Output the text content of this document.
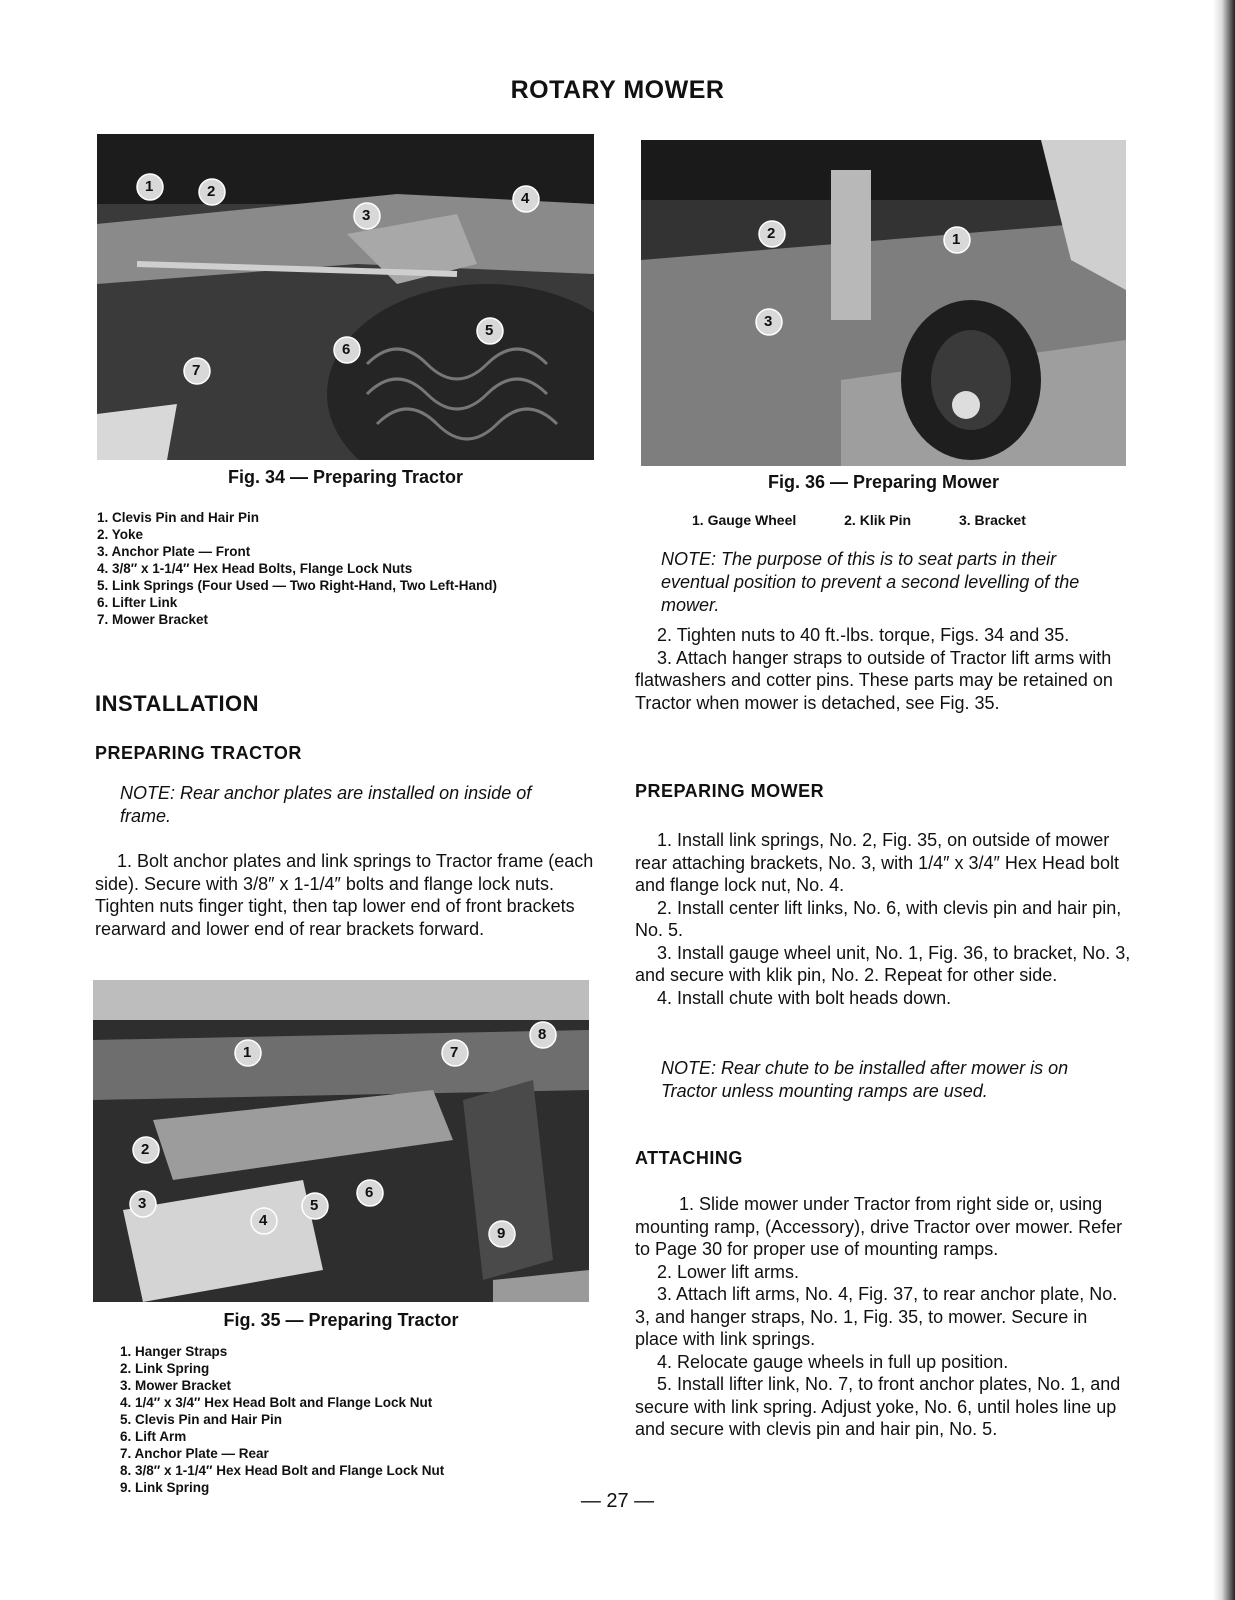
ROTARY MOWER
1	2
3
4
5
6
7
Fig. 34 — Preparing Tractor
1. Clevis Pin and Hair Pin
2. Yoke
3. Anchor Plate — Front
4. 3/8″ x 1-1/4″ Hex Head Bolts, Flange Lock Nuts
5. Link Springs (Four Used — Two Right-Hand, Two Left-Hand)
6. Lifter Link
7. Mower Bracket
INSTALLATION
PREPARING TRACTOR

NOTE: Rear anchor plates are installed on inside of frame.

1. Bolt anchor plates and link springs to Tractor frame (each side). Secure with 3/8″ x 1-1/4″ bolts and flange lock nuts. Tighten nuts finger tight, then tap lower end of front brackets rearward and lower end of rear brackets forward.

1
2
3
4
5
6
7
8
9
Fig. 35 — Preparing Tractor
1. Hanger Straps
2. Link Spring
3. Mower Bracket
4. 1/4″ x 3/4″ Hex Head Bolt and Flange Lock Nut
5. Clevis Pin and Hair Pin
6. Lift Arm
7. Anchor Plate — Rear
8. 3/8″ x 1-1/4″ Hex Head Bolt and Flange Lock Nut
9. Link Spring
1
2
3
Fig. 36 — Preparing Mower
1. Gauge Wheel	2. Klik Pin	3. Bracket

NOTE: The purpose of this is to seat parts in their eventual position to prevent a second levelling of the mower.

2. Tighten nuts to 40 ft.-lbs. torque, Figs. 34 and 35.

3. Attach hanger straps to outside of Tractor lift arms with flatwashers and cotter pins. These parts may be retained on Tractor when mower is detached, see Fig. 35.

PREPARING MOWER

1. Install link springs, No. 2, Fig. 35, on outside of mower rear attaching brackets, No. 3, with 1/4″ x 3/4″ Hex Head bolt and flange lock nut, No. 4.

2. Install center lift links, No. 6, with clevis pin and hair pin, No. 5.

3. Install gauge wheel unit, No. 1, Fig. 36, to bracket, No. 3, and secure with klik pin, No. 2. Repeat for other side.

4. Install chute with bolt heads down.

NOTE: Rear chute to be installed after mower is on Tractor unless mounting ramps are used.

ATTACHING

1. Slide mower under Tractor from right side or, using mounting ramp, (Accessory), drive Tractor over mower. Refer to Page 30 for proper use of mounting ramps.

2. Lower lift arms.

3. Attach lift arms, No. 4, Fig. 37, to rear anchor plate, No. 3, and hanger straps, No. 1, Fig. 35, to mower. Secure in place with link springs.

4. Relocate gauge wheels in full up position.

5. Install lifter link, No. 7, to front anchor plates, No. 1, and secure with link spring. Adjust yoke, No. 6, until holes line up and secure with clevis pin and hair pin, No. 5.

— 27 —
